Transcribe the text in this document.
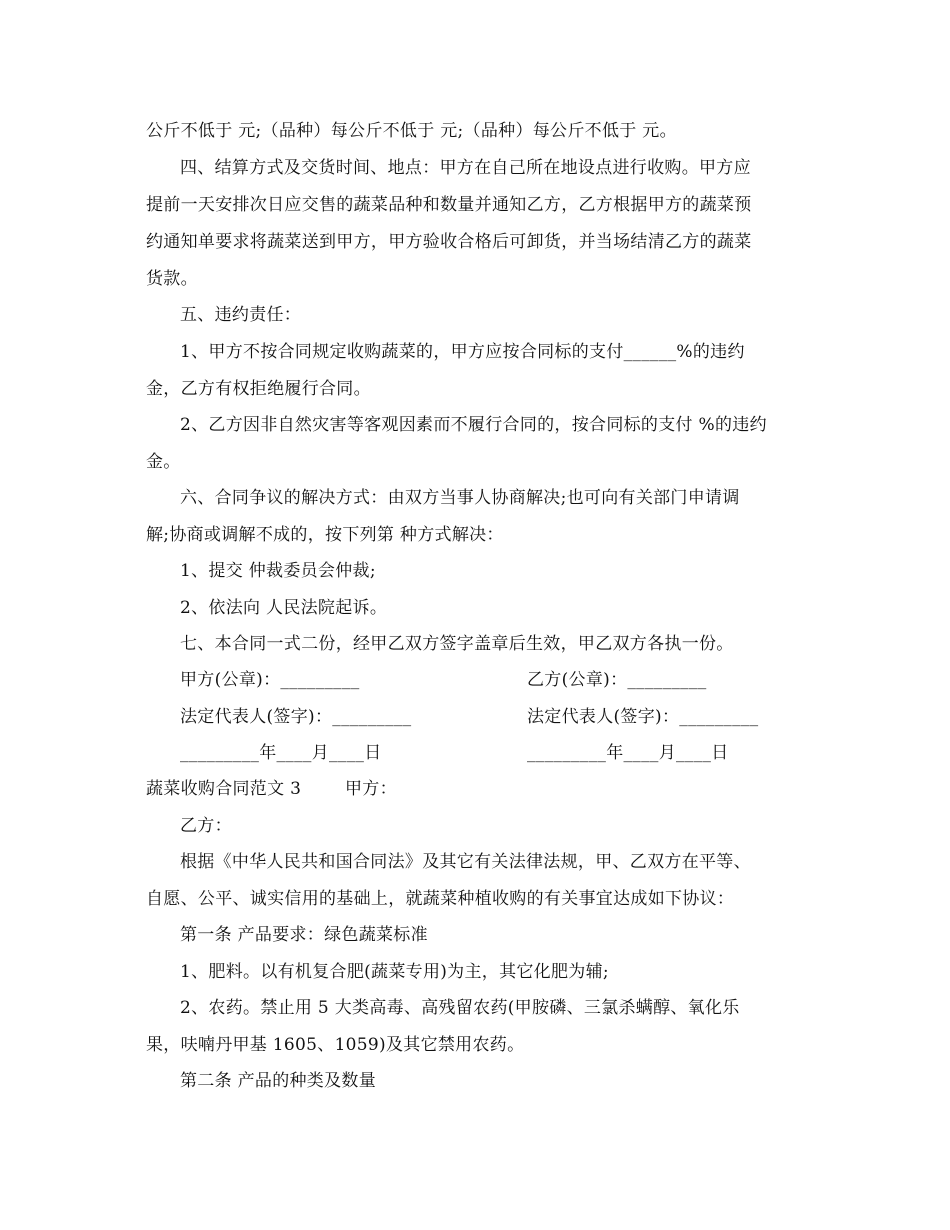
公斤不低于 元;（品种）每公斤不低于 元;（品种）每公斤不低于 元。
四、结算方式及交货时间、地点：甲方在自己所在地设点进行收购。甲方应
提前一天安排次日应交售的蔬菜品种和数量并通知乙方，乙方根据甲方的蔬菜预
约通知单要求将蔬菜送到甲方，甲方验收合格后可卸货，并当场结清乙方的蔬菜
货款。
五、违约责任：
1、甲方不按合同规定收购蔬菜的，甲方应按合同标的支付______%的违约
金，乙方有权拒绝履行合同。
2、乙方因非自然灾害等客观因素而不履行合同的，按合同标的支付 %的违约
金。
六、合同争议的解决方式：由双方当事人协商解决;也可向有关部门申请调
解;协商或调解不成的，按下列第 种方式解决：
1、提交 仲裁委员会仲裁;
2、依法向 人民法院起诉。
七、本合同一式二份，经甲乙双方签字盖章后生效，甲乙双方各执一份。
甲方(公章)：_________	乙方(公章)：_________
法定代表人(签字)：_________	法定代表人(签字)：_________
_________年____月____日	_________年____月____日
蔬菜收购合同范文 3	甲方：
乙方：
根据《中华人民共和国合同法》及其它有关法律法规，甲、乙双方在平等、
自愿、公平、诚实信用的基础上，就蔬菜种植收购的有关事宜达成如下协议：
第一条 产品要求：绿色蔬菜标准
1、肥料。以有机复合肥(蔬菜专用)为主，其它化肥为辅;
2、农药。禁止用 5 大类高毒、高残留农药(甲胺磷、三氯杀螨醇、氧化乐
果，呋喃丹甲基 1605、1059)及其它禁用农药。
第二条 产品的种类及数量
